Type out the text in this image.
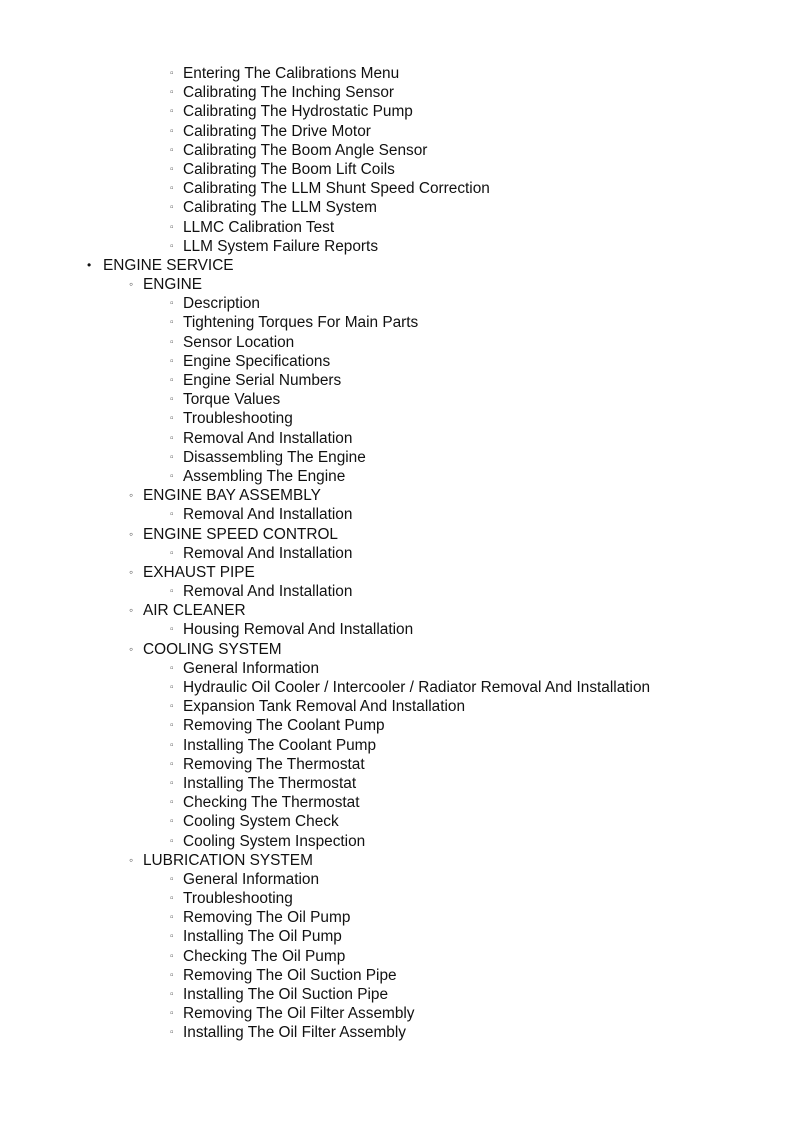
▫ Entering The Calibrations Menu
▫ Calibrating The Inching Sensor
▫ Calibrating The Hydrostatic Pump
▫ Calibrating The Drive Motor
▫ Calibrating The Boom Angle Sensor
▫ Calibrating The Boom Lift Coils
▫ Calibrating The LLM Shunt Speed Correction
▫ Calibrating The LLM System
▫ LLMC Calibration Test
▫ LLM System Failure Reports
• ENGINE SERVICE
◦ ENGINE
▫ Description
▫ Tightening Torques For Main Parts
▫ Sensor Location
▫ Engine Specifications
▫ Engine Serial Numbers
▫ Torque Values
▫ Troubleshooting
▫ Removal And Installation
▫ Disassembling The Engine
▫ Assembling The Engine
◦ ENGINE BAY ASSEMBLY
▫ Removal And Installation
◦ ENGINE SPEED CONTROL
▫ Removal And Installation
◦ EXHAUST PIPE
▫ Removal And Installation
◦ AIR CLEANER
▫ Housing Removal And Installation
◦ COOLING SYSTEM
▫ General Information
▫ Hydraulic Oil Cooler / Intercooler / Radiator Removal And Installation
▫ Expansion Tank Removal And Installation
▫ Removing The Coolant Pump
▫ Installing The Coolant Pump
▫ Removing The Thermostat
▫ Installing The Thermostat
▫ Checking The Thermostat
▫ Cooling System Check
▫ Cooling System Inspection
◦ LUBRICATION SYSTEM
▫ General Information
▫ Troubleshooting
▫ Removing The Oil Pump
▫ Installing The Oil Pump
▫ Checking The Oil Pump
▫ Removing The Oil Suction Pipe
▫ Installing The Oil Suction Pipe
▫ Removing The Oil Filter Assembly
▫ Installing The Oil Filter Assembly
